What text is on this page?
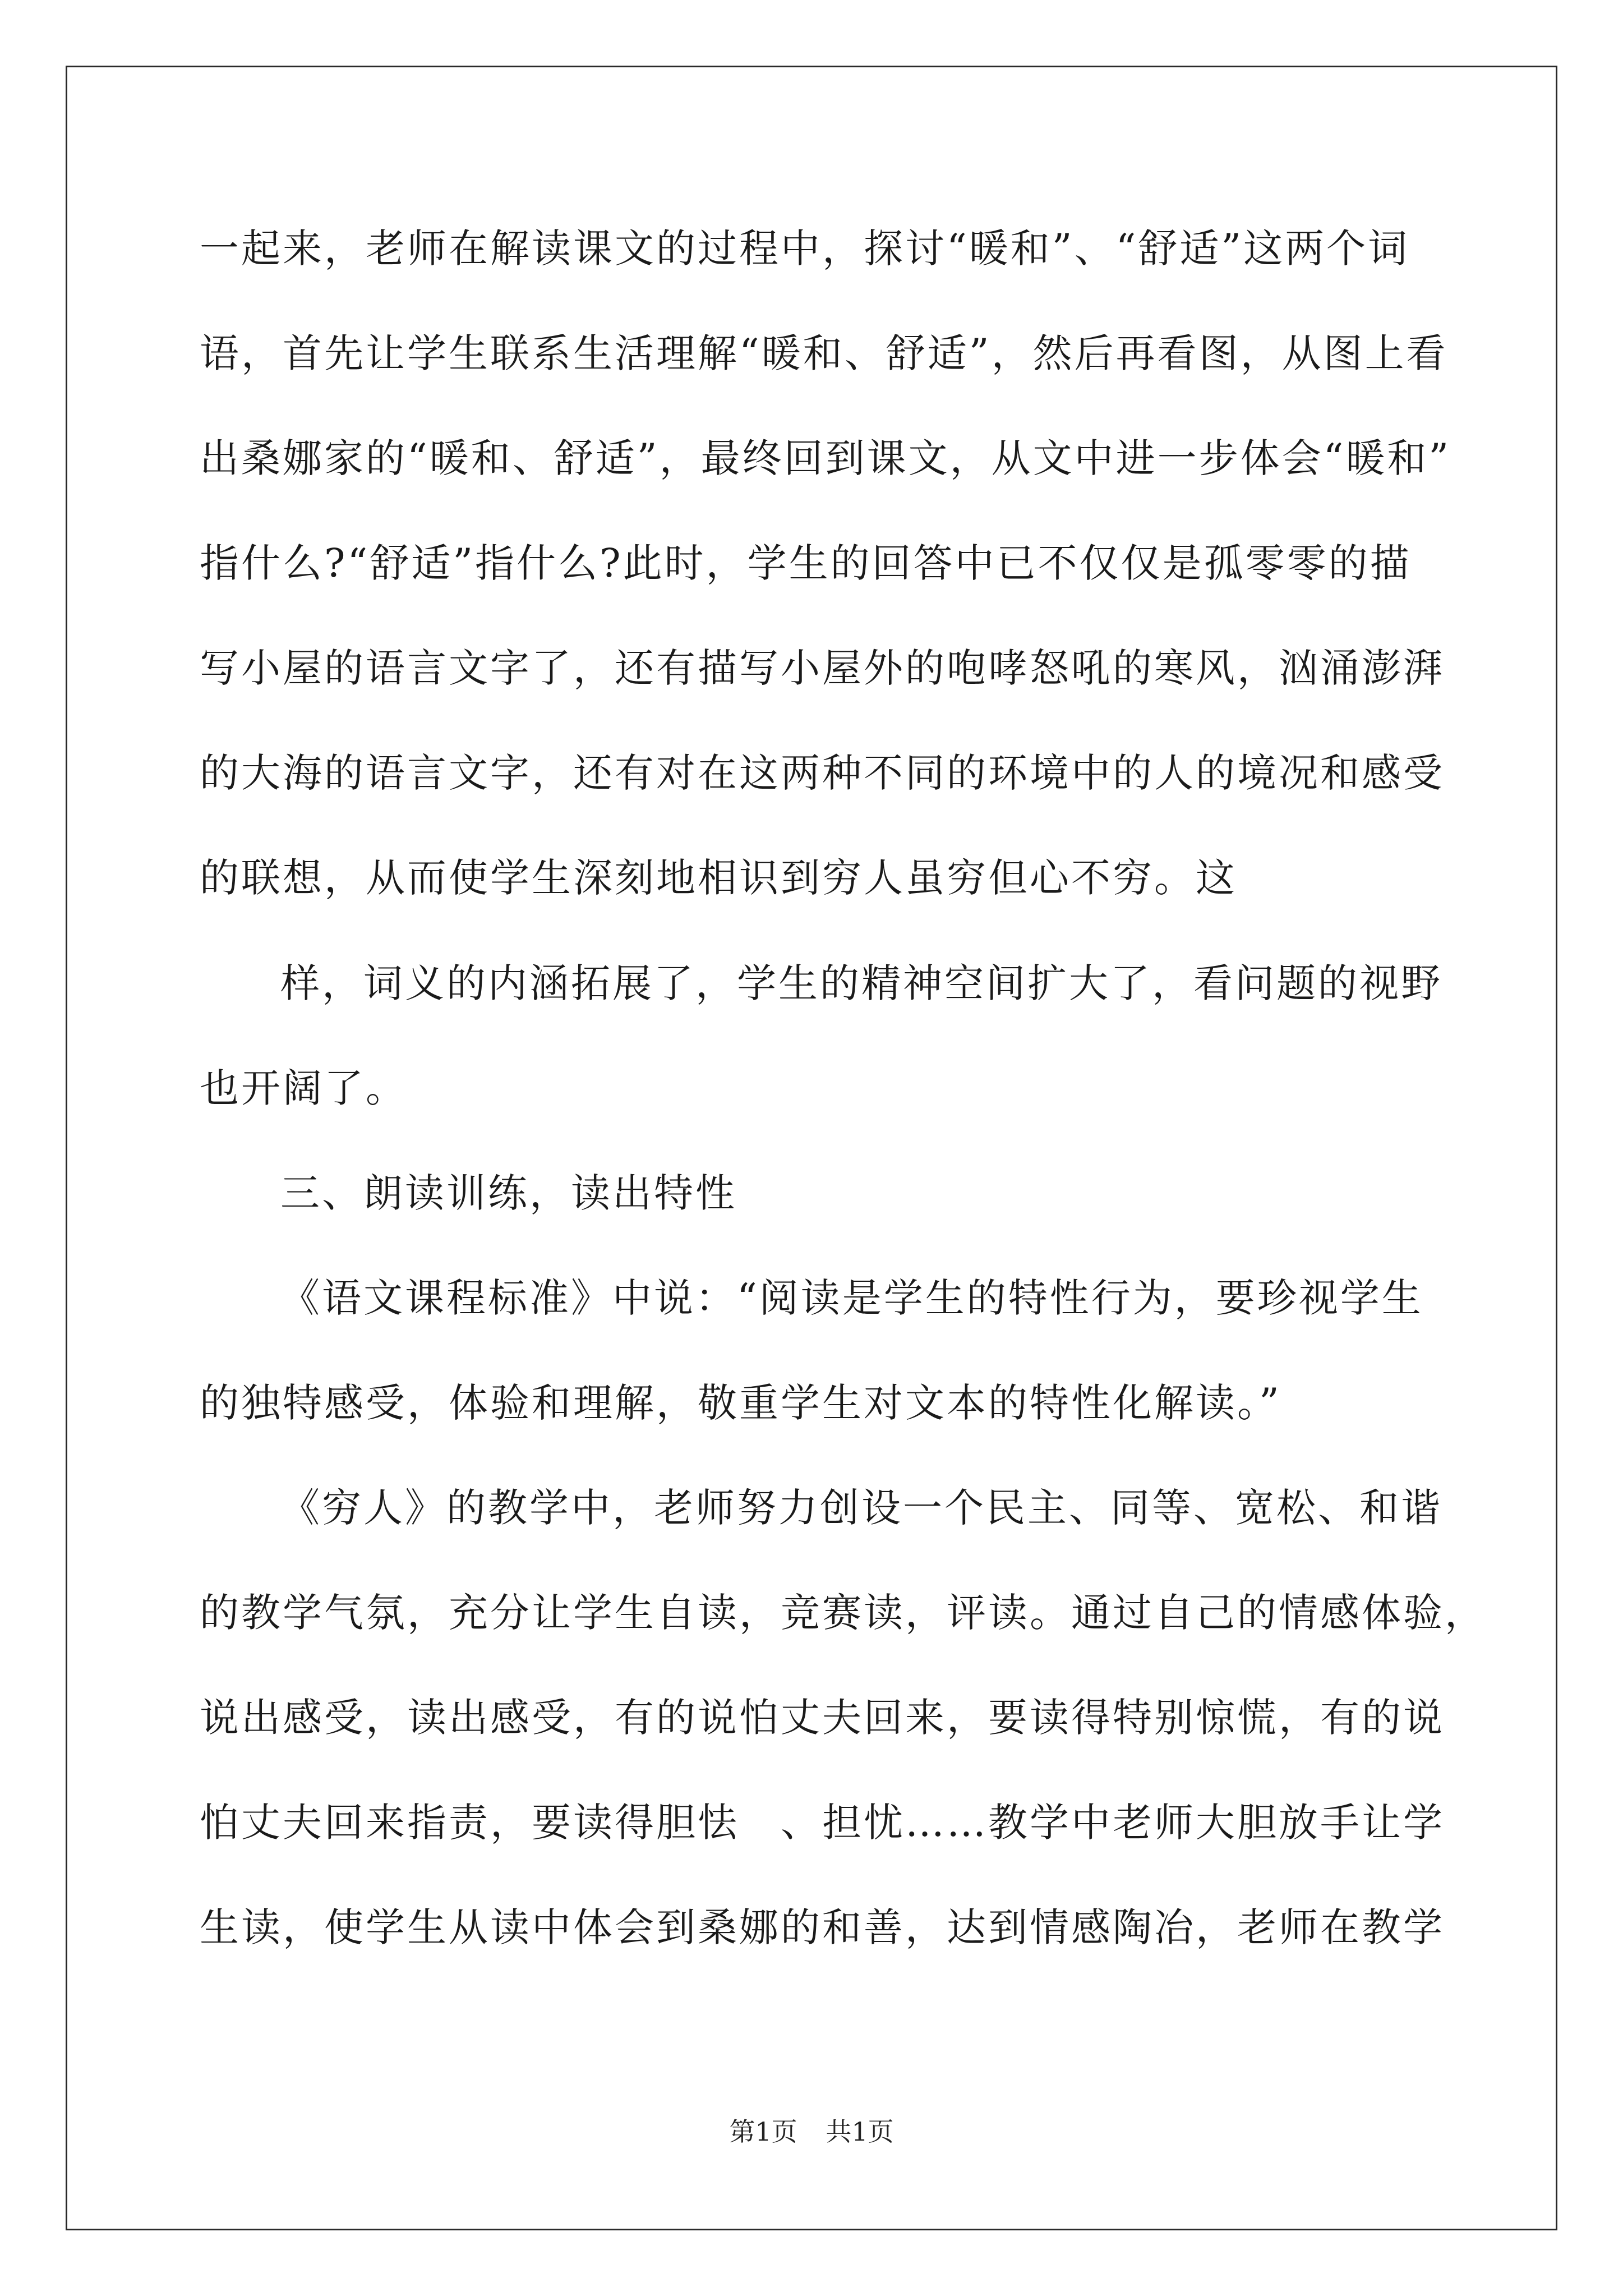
一起来，老师在解读课文的过程中，探讨“暖和”、“舒适”这两个词
语，首先让学生联系生活理解“暖和、舒适”，然后再看图，从图上看
出桑娜家的“暖和、舒适”，最终回到课文，从文中进一步体会“暖和”
指什么?“舒适”指什么?此时，学生的回答中已不仅仅是孤零零的描
写小屋的语言文字了，还有描写小屋外的咆哮怒吼的寒风，汹涌澎湃
的大海的语言文字，还有对在这两种不同的环境中的人的境况和感受
的联想，从而使学生深刻地相识到穷人虽穷但心不穷。这
样，词义的内涵拓展了，学生的精神空间扩大了，看问题的视野
也开阔了。
三、朗读训练，读出特性
《语文课程标准》中说：“阅读是学生的特性行为，要珍视学生
的独特感受，体验和理解，敬重学生对文本的特性化解读。”
《穷人》的教学中，老师努力创设一个民主、同等、宽松、和谐
的教学气氛，充分让学生自读，竞赛读，评读。通过自己的情感体验，
说出感受，读出感受，有的说怕丈夫回来，要读得特别惊慌，有的说
怕丈夫回来指责，要读得胆怯　、担忧……教学中老师大胆放手让学
生读，使学生从读中体会到桑娜的和善，达到情感陶冶，老师在教学
第1页 共1页
